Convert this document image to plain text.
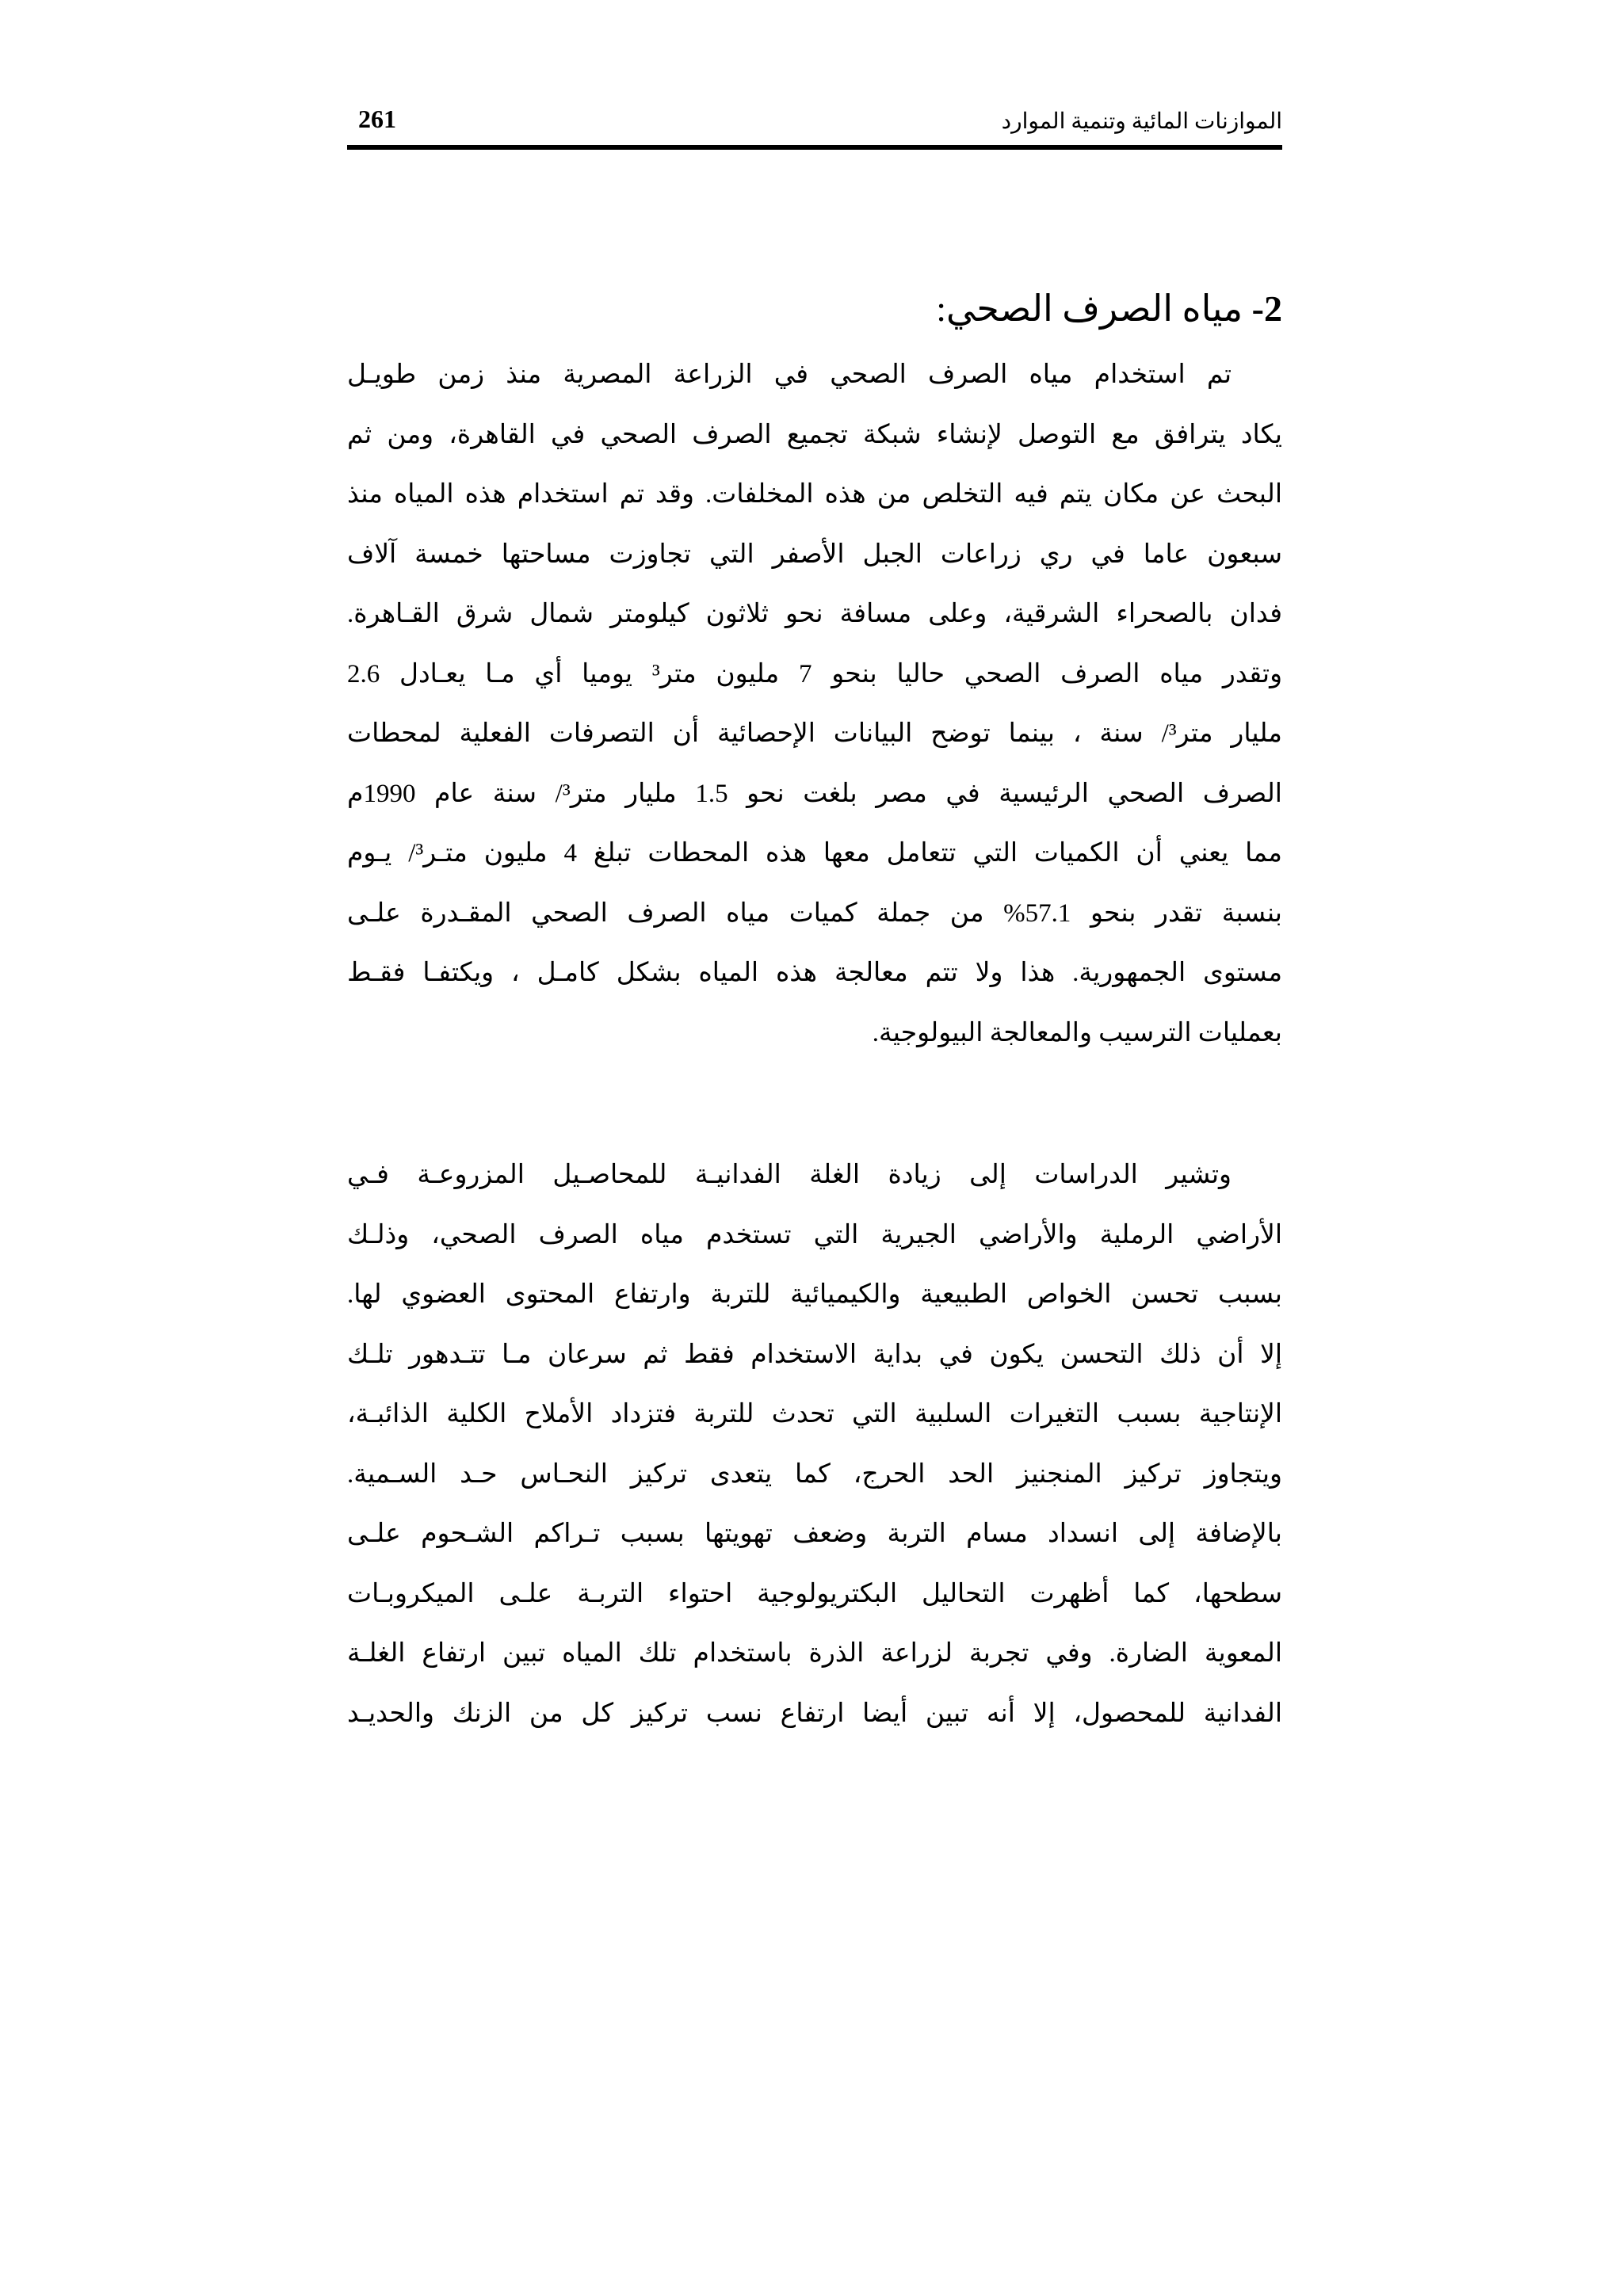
261	الموازنات المائية وتنمية الموارد
2- مياه الصرف الصحي:

تم استخدام مياه الصرف الصحي في الزراعة المصرية منذ زمن طويـل
يكاد يترافق مع التوصل لإنشاء شبكة تجميع الصرف الصحي في القاهرة، ومن ثم
البحث عن مكان يتم فيه التخلص من هذه المخلفات. وقد تم استخدام هذه المياه منذ
سبعون عاما في ري زراعات الجبل الأصفر التي تجاوزت مساحتها خمسة آلاف
فدان بالصحراء الشرقية، وعلى مسافة نحو ثلاثون كيلومتر شمال شرق القـاهرة.
وتقدر مياه الصرف الصحي حاليا بنحو 7 مليون متر³ يوميا أي مـا يعـادل 2.6
مليار متر³/ سنة ، بينما توضح البيانات الإحصائية أن التصرفات الفعلية لمحطات
الصرف الصحي الرئيسية في مصر بلغت نحو 1.5 مليار متر³/ سنة عام 1990م
مما يعني أن الكميات التي تتعامل معها هذه المحطات تبلغ 4 مليون متـر³/ يـوم
بنسبة تقدر بنحو 57.1% من جملة كميات مياه الصرف الصحي المقـدرة علـى
مستوى الجمهورية. هذا ولا تتم معالجة هذه المياه بشكل كامـل ، ويكتفـا فقـط
بعمليات الترسيب والمعالجة البيولوجية.

وتشير الدراسات إلى زيادة الغلة الفدانيـة للمحاصـيل المزروعـة فـي
الأراضي الرملية والأراضي الجيرية التي تستخدم مياه الصرف الصحي، وذلـك
بسبب تحسن الخواص الطبيعية والكيميائية للتربة وارتفاع المحتوى العضوي لها.
إلا أن ذلك التحسن يكون في بداية الاستخدام فقط ثم سرعان مـا تتـدهور تلـك
الإنتاجية بسبب التغيرات السلبية التي تحدث للتربة فتزداد الأملاح الكلية الذائبـة،
ويتجاوز تركيز المنجنيز الحد الحرج، كما يتعدى تركيز النحـاس حـد السـمية.
بالإضافة إلى انسداد مسام التربة وضعف تهويتها بسبب تـراكم الشـحوم علـى
سطحها، كما أظهرت التحاليل البكتريولوجية احتواء التربـة علـى الميكروبـات
المعوية الضارة. وفي تجربة لزراعة الذرة باستخدام تلك المياه تبين ارتفاع الغلـة
الفدانية للمحصول، إلا أنه تبين أيضا ارتفاع نسب تركيز كل من الزنك والحديـد
